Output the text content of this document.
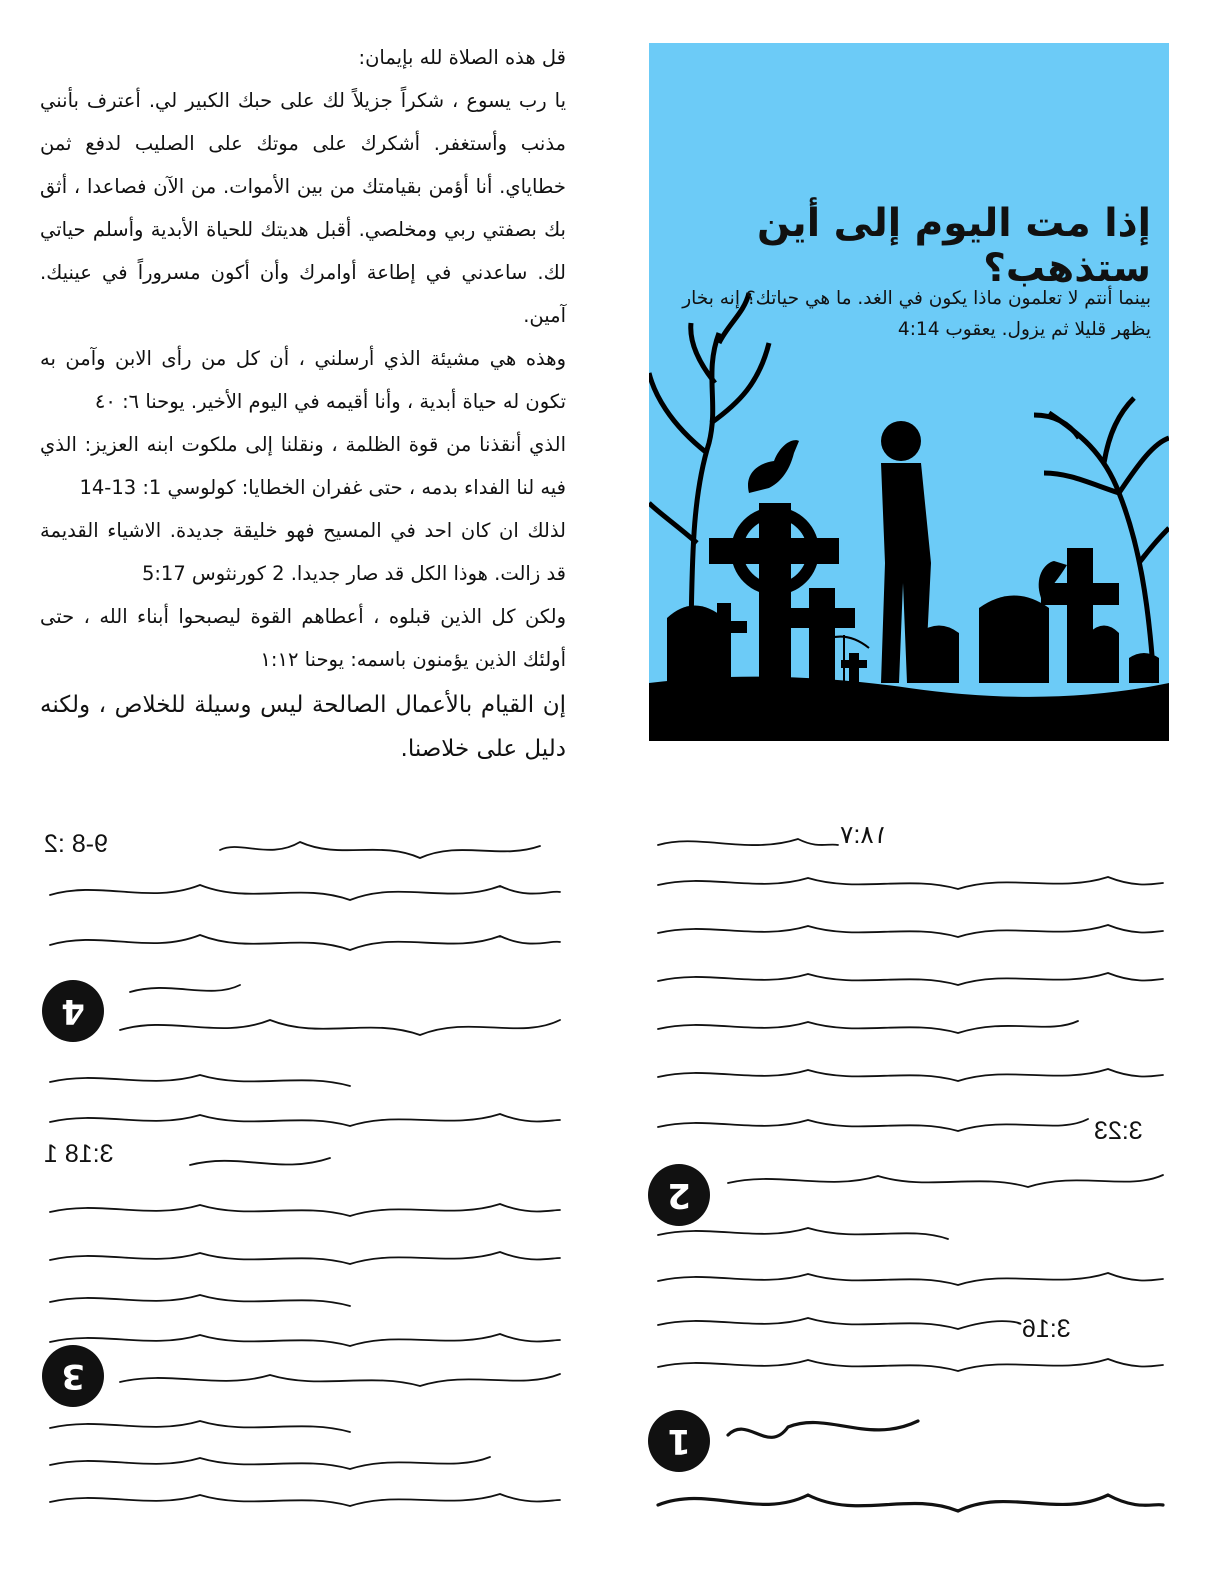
قل هذه الصلاة لله بإيمان:

يا رب يسوع ، شكراً جزيلاً لك على حبك الكبير لي. أعترف بأنني مذنب وأستغفر. أشكرك على موتك على الصليب لدفع ثمن خطاياي. أنا أؤمن بقيامتك من بين الأموات. من الآن فصاعدا ، أثق بك بصفتي ربي ومخلصي. أقبل هديتك للحياة الأبدية وأسلم حياتي لك. ساعدني في إطاعة أوامرك وأن أكون مسروراً في عينيك. آمين.

وهذه هي مشيئة الذي أرسلني ، أن كل من رأى الابن وآمن به تكون له حياة أبدية ، وأنا أقيمه في اليوم الأخير. يوحنا ٦: ٤٠

الذي أنقذنا من قوة الظلمة ، ونقلنا إلى ملكوت ابنه العزيز: الذي فيه لنا الفداء بدمه ، حتى غفران الخطايا: كولوسي 1: 13-14

لذلك ان كان احد في المسيح فهو خليقة جديدة. الاشياء القديمة قد زالت. هوذا الكل قد صار جديدا. 2 كورنثوس 5:17

ولكن كل الذين قبلوه ، أعطاهم القوة ليصبحوا أبناء الله ، حتى أولئك الذين يؤمنون باسمه: يوحنا ١:١٢

إن القيام بالأعمال الصالحة ليس وسيلة للخلاص ، ولكنه دليل على خلاصنا.

إذا مت اليوم إلى أين ستذهب؟
بينما أنتم لا تعلمون ماذا يكون في الغد. ما هي حياتك؟ إنه بخار يظهر قليلا ثم يزول. يعقوب 4:14
9-8 :2
4
3:18 1
3
١٨:٧
3:23
2
3:16
1
